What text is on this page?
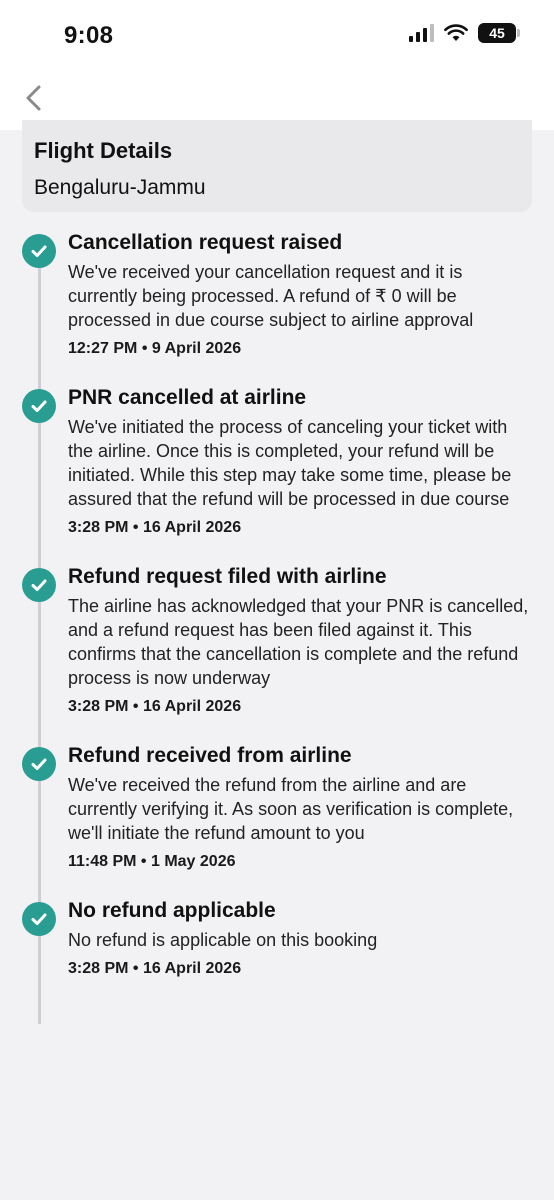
9:08	45
Flight Details
Bengaluru-Jammu
Cancellation request raised
We've received your cancellation request and it is currently being processed. A refund of ₹ 0 will be processed in due course subject to airline approval
12:27 PM • 9 April 2026
PNR cancelled at airline
We've initiated the process of canceling your ticket with the airline. Once this is completed, your refund will be initiated. While this step may take some time, please be assured that the refund will be processed in due course
3:28 PM • 16 April 2026
Refund request filed with airline
The airline has acknowledged that your PNR is cancelled, and a refund request has been filed against it. This confirms that the cancellation is complete and the refund process is now underway
3:28 PM • 16 April 2026
Refund received from airline
We've received the refund from the airline and are currently verifying it. As soon as verification is complete, we'll initiate the refund amount to you
11:48 PM • 1 May 2026
No refund applicable
No refund is applicable on this booking
3:28 PM • 16 April 2026
